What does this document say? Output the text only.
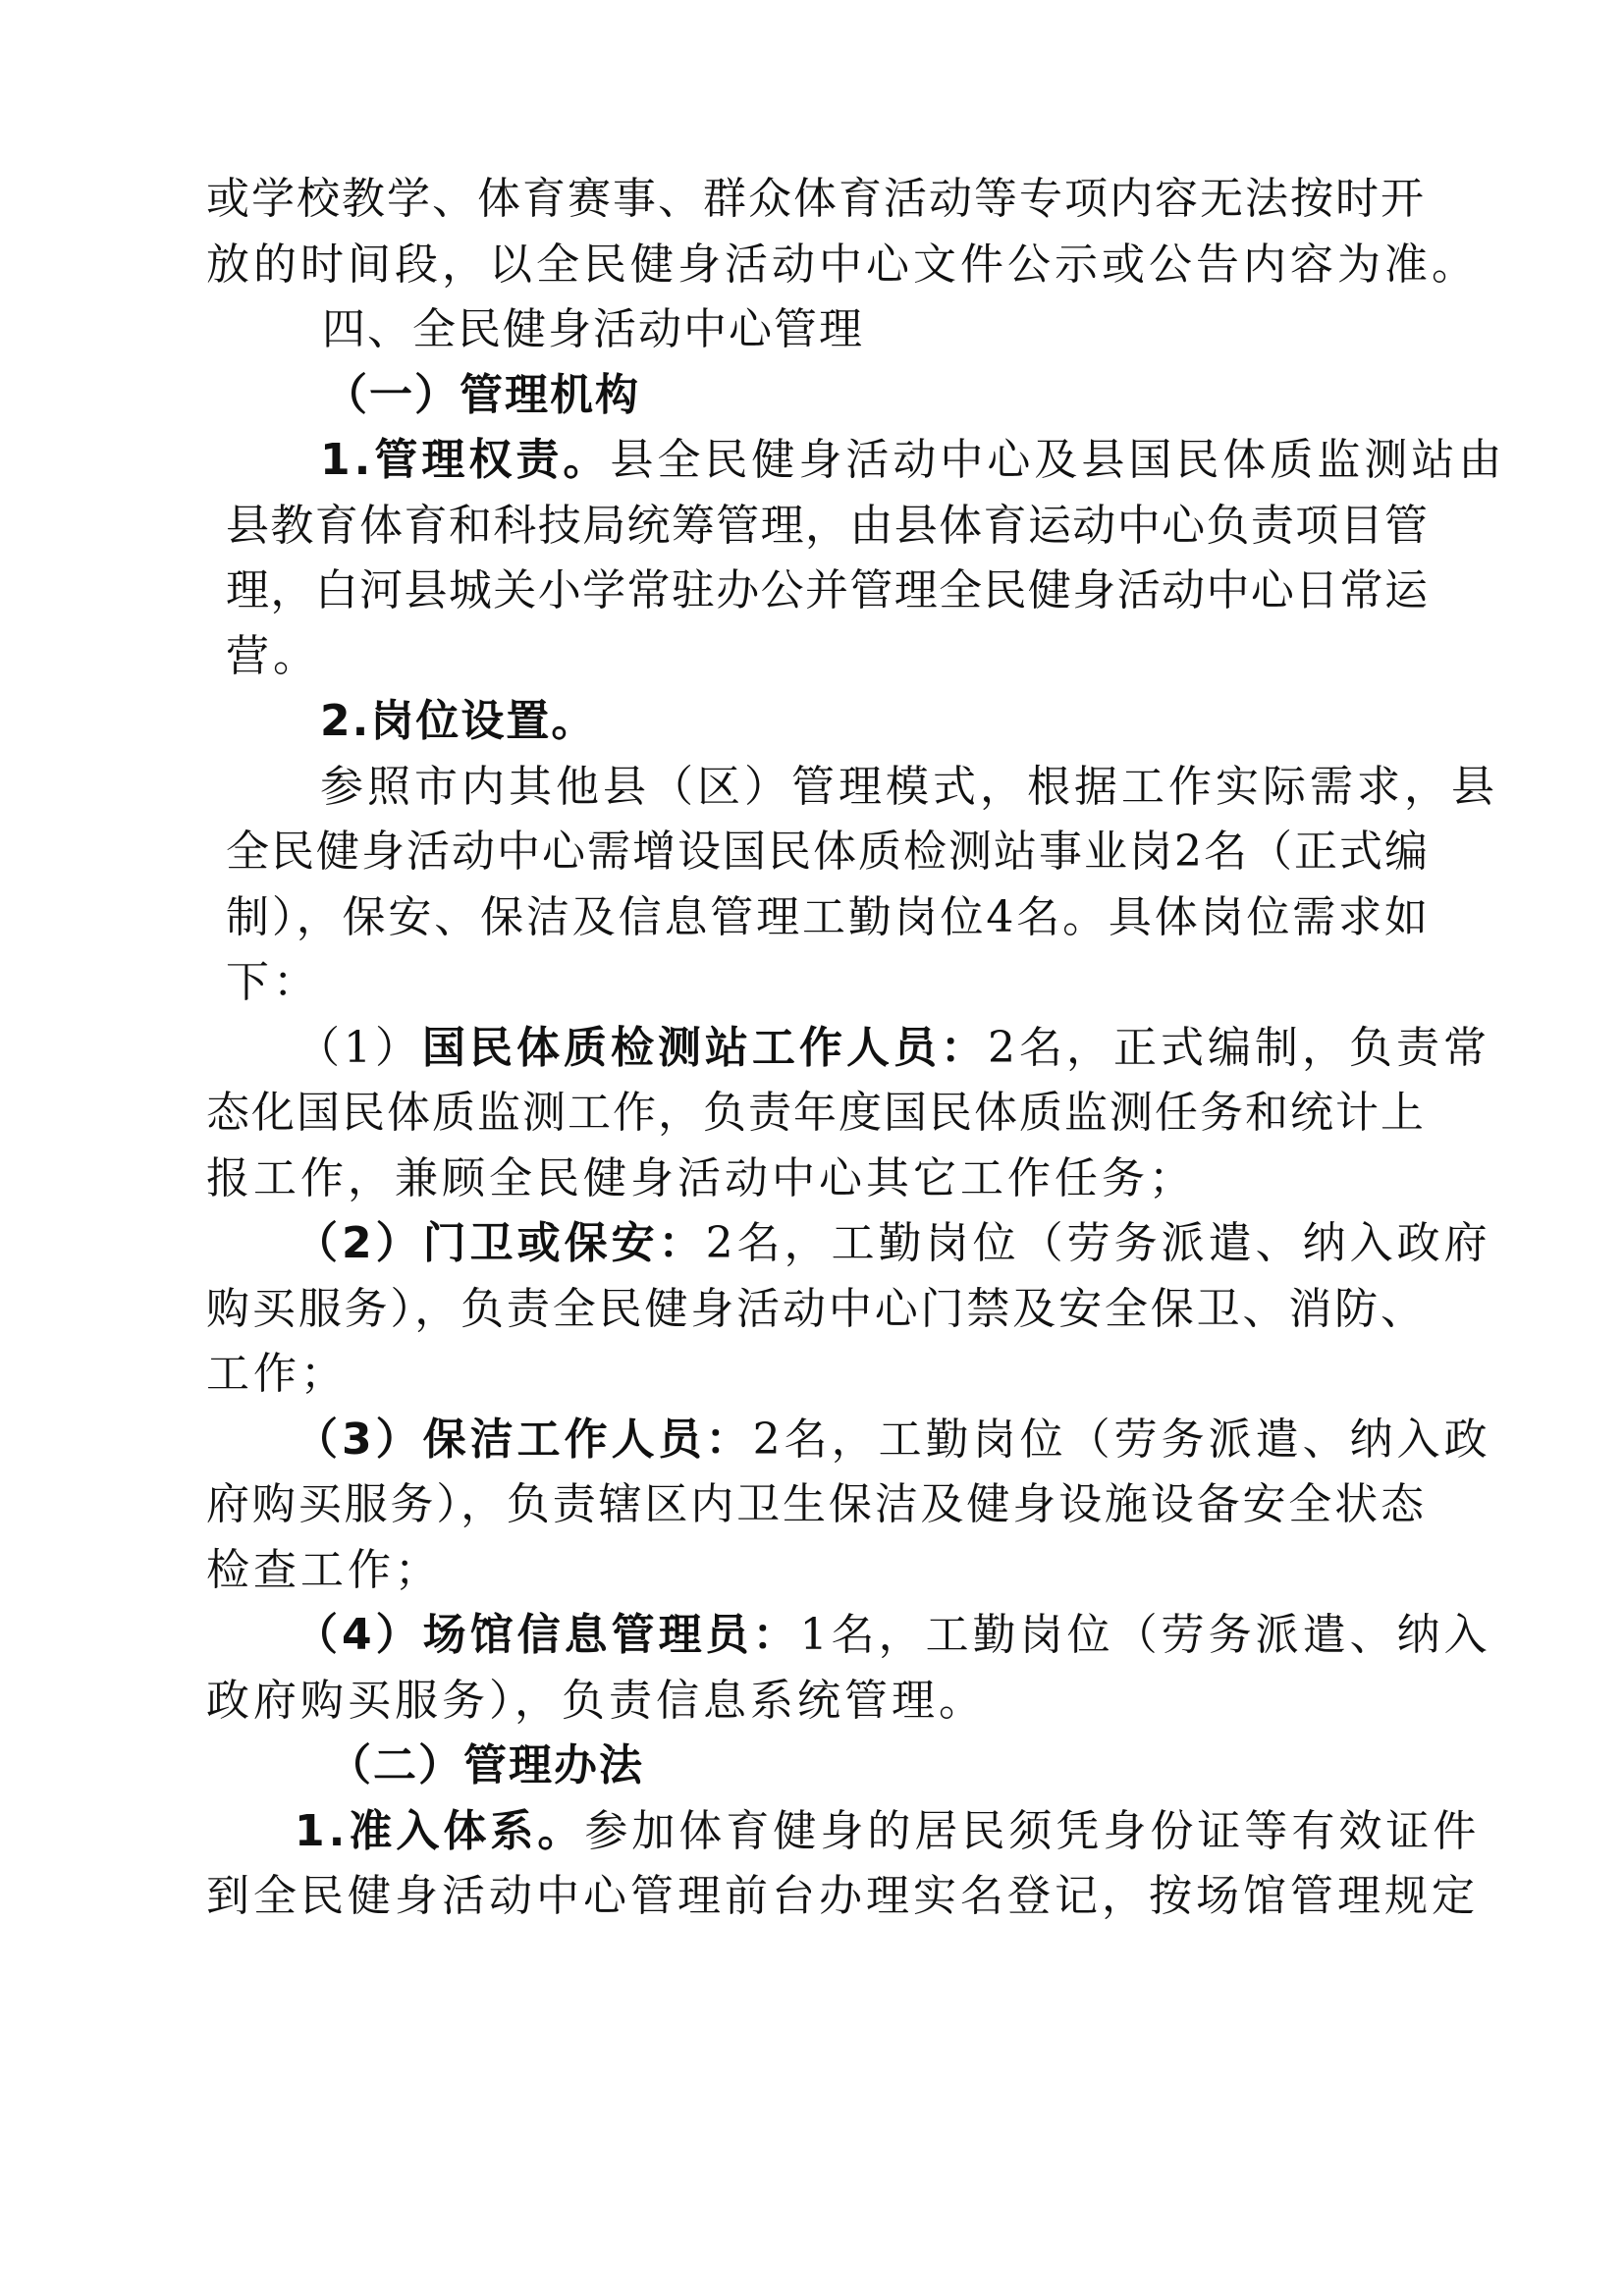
或学校教学、体育赛事、群众体育活动等专项内容无法按时开
放的时间段，以全民健身活动中心文件公示或公告内容为准。
四、全民健身活动中心管理
（一）管理机构
1.管理权责。县全民健身活动中心及县国民体质监测站由
县教育体育和科技局统筹管理，由县体育运动中心负责项目管
理，白河县城关小学常驻办公并管理全民健身活动中心日常运
营。
2.岗位设置。
参照市内其他县（区）管理模式，根据工作实际需求，县
全民健身活动中心需增设国民体质检测站事业岗2名（正式编
制），保安、保洁及信息管理工勤岗位4名。具体岗位需求如
下：
（1）国民体质检测站工作人员：2名，正式编制，负责常
态化国民体质监测工作，负责年度国民体质监测任务和统计上
报工作，兼顾全民健身活动中心其它工作任务；
（2）门卫或保安：2名，工勤岗位（劳务派遣、纳入政府
购买服务），负责全民健身活动中心门禁及安全保卫、消防、
工作；
（3）保洁工作人员：2名，工勤岗位（劳务派遣、纳入政
府购买服务），负责辖区内卫生保洁及健身设施设备安全状态
检查工作；
（4）场馆信息管理员：1名，工勤岗位（劳务派遣、纳入
政府购买服务），负责信息系统管理。
（二）管理办法
1.准入体系。参加体育健身的居民须凭身份证等有效证件
到全民健身活动中心管理前台办理实名登记，按场馆管理规定
